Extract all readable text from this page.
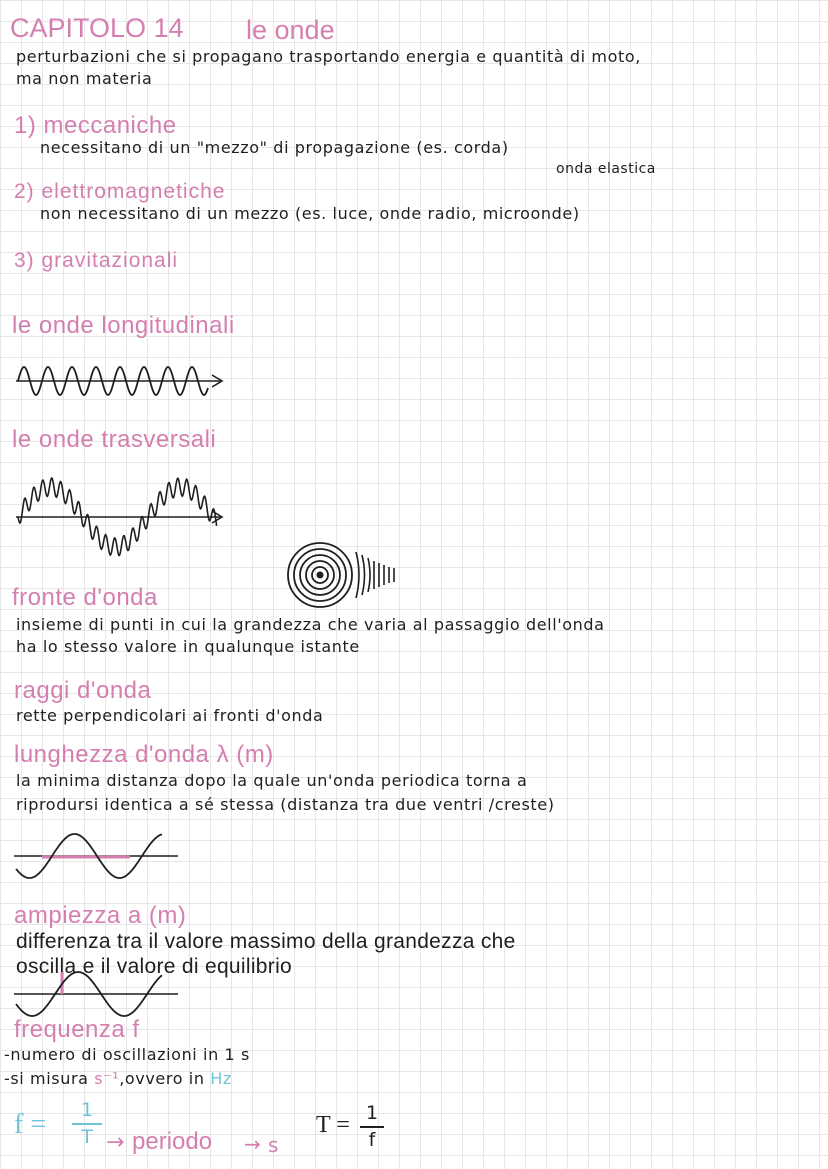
CAPITOLO 14 le onde
perturbazioni che si propagano trasportando energia e quantità di moto,
ma non materia
1) meccaniche
necessitano di un "mezzo" di propagazione (es. corda)
onda elastica
2) elettromagnetiche
non necessitano di un mezzo (es. luce, onde radio, microonde)
3) gravitazionali
le onde longitudinali
le onde trasversali
fronte d'onda
insieme di punti in cui la grandezza che varia al passaggio dell'onda
ha lo stesso valore in qualunque istante
raggi d'onda
rette perpendicolari ai fronti d'onda
lunghezza d'onda λ (m)
la minima distanza dopo la quale un'onda periodica torna a
riprodursi identica a sé stessa (distanza tra due ventri /creste)
ampiezza a (m)
differenza tra il valore massimo della grandezza che
oscilla e il valore di equilibrio
frequenza f
-numero di oscillazioni in 1 s
-si misura s⁻¹,ovvero in Hz
f =	1
T → periodo → s
T = 1
f
